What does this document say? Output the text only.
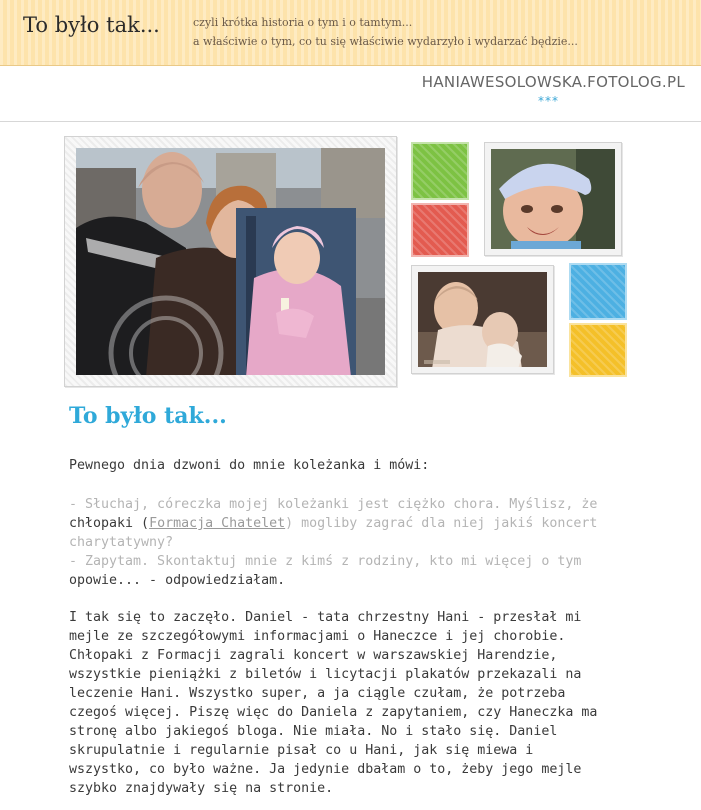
To było tak...	czyli krótka historia o tym i o tamtym...
a właściwie o tym, co tu się właściwie wydarzyło i wydarzać będzie...
HANIAWESOLOWSKA.FOTOLOG.PL
***
To było tak...
Pewnego dnia dzwoni do mnie koleżanka i mówi:
- Słuchaj, córeczka mojej koleżanki jest ciężko chora. Myślisz, że
chłopaki (Formacja Chatelet) mogliby zagrać dla niej jakiś koncert
charytatywny?
- Zapytam. Skontaktuj mnie z kimś z rodziny, kto mi więcej o tym
opowie... - odpowiedziałam.
I tak się to zaczęło. Daniel - tata chrzestny Hani - przesłał mi
mejle ze szczegółowymi informacjami o Haneczce i jej chorobie.
Chłopaki z Formacji zagrali koncert w warszawskiej Harendzie,
wszystkie pieniążki z biletów i licytacji plakatów przekazali na
leczenie Hani. Wszystko super, a ja ciągle czułam, że potrzeba
czegoś więcej. Piszę więc do Daniela z zapytaniem, czy Haneczka ma
stronę albo jakiegoś bloga. Nie miała. No i stało się. Daniel
skrupulatnie i regularnie pisał co u Hani, jak się miewa i
wszystko, co było ważne. Ja jedynie dbałam o to, żeby jego mejle
szybko znajdywały się na stronie.
